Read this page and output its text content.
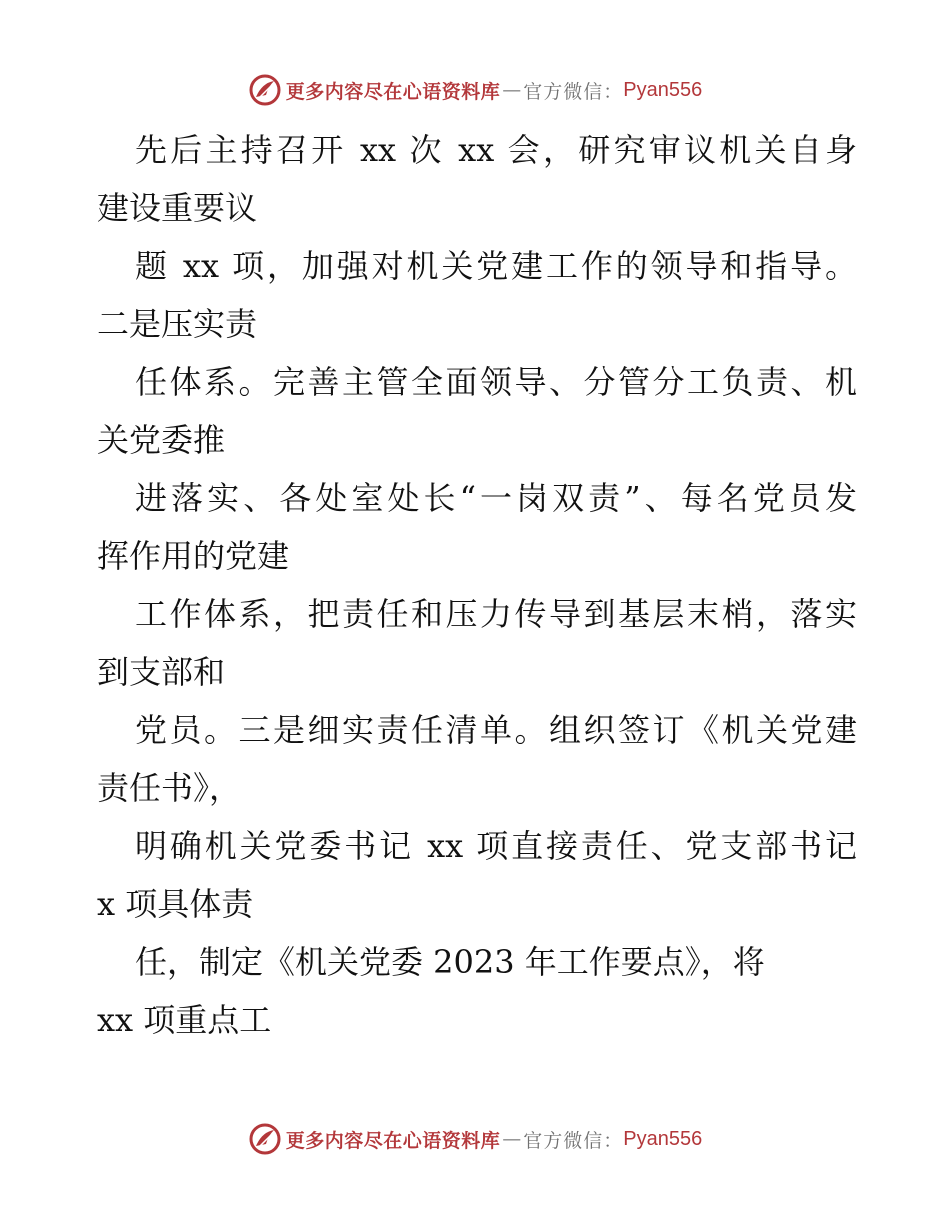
更多内容尽在心语资料库 — 官方微信： Pyan556
先后主持召开 xx 次 xx 会，研究审议机关自身
建设重要议
题 xx 项，加强对机关党建工作的领导和指导。
二是压实责
任体系。完善主管全面领导、分管分工负责、机
关党委推
进落实、各处室处长“一岗双责”、每名党员发
挥作用的党建
工作体系，把责任和压力传导到基层末梢，落实
到支部和
党员。三是细实责任清单。组织签订《机关党建
责任书》，
明确机关党委书记 xx 项直接责任、党支部书记
x 项具体责
任，制定《机关党委 2023 年工作要点》，将
xx 项重点工
更多内容尽在心语资料库 — 官方微信： Pyan556
